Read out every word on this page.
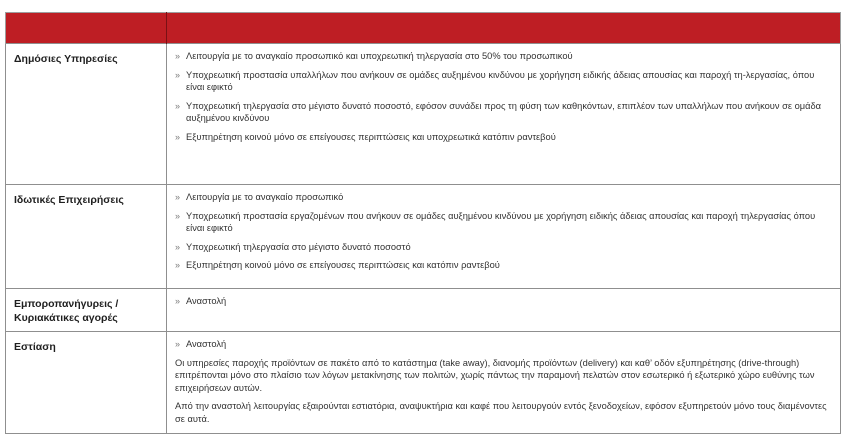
Δημόσιες Υπηρεσίες	» Λειτουργία με το αναγκαίο προσωπικό και υποχρεωτική τηλεργασία στο 50% του προσωπικού
» Υποχρεωτική προστασία υπαλλήλων που ανήκουν σε ομάδες αυξημένου κινδύνου με χορήγηση ειδικής άδειας απουσίας και παροχή τη-λεργασίας, όπου είναι εφικτό
» Υποχρεωτική τηλεργασία στο μέγιστο δυνατό ποσοστό, εφόσον συνάδει προς τη φύση των καθηκόντων, επιπλέον των υπαλλήλων που ανήκουν σε ομάδα αυξημένου κινδύνου
» Εξυπηρέτηση κοινού μόνο σε επείγουσες περιπτώσεις και υποχρεωτικά κατόπιν ραντεβού

Ιδωτικές Επιχειρήσεις	» Λειτουργία με το αναγκαίο προσωπικό
» Υποχρεωτική προστασία εργαζομένων που ανήκουν σε ομάδες αυξημένου κινδύνου με χορήγηση ειδικής άδειας απουσίας και παροχή τηλεργασίας όπου είναι εφικτό
» Υποχρεωτική τηλεργασία στο μέγιστο δυνατό ποσοστό
» Εξυπηρέτηση κοινού μόνο σε επείγουσες περιπτώσεις και κατόπιν ραντεβού

Εμποροπανήγυρεις / Κυριακάτικες αγορές	» Αναστολή

Εστίαση	» Αναστολή
Οι υπηρεσίες παροχής προϊόντων σε πακέτο από το κατάστημα (take away), διανομής προϊόντων (delivery) και καθ’ οδόν εξυπηρέτησης (drive-through) επιτρέπονται μόνο στο πλαίσιο των λόγων μετακίνησης των πολιτών, χωρίς πάντως την παραμονή πελατών στον εσωτερικό ή εξωτερικό χώρο ευθύνης των επιχειρήσεων αυτών.
Από την αναστολή λειτουργίας εξαιρούνται εστιατόρια, αναψυκτήρια και καφέ που λειτουργούν εντός ξενοδοχείων, εφόσον εξυπηρετούν μόνο τους διαμένοντες σε αυτά.
